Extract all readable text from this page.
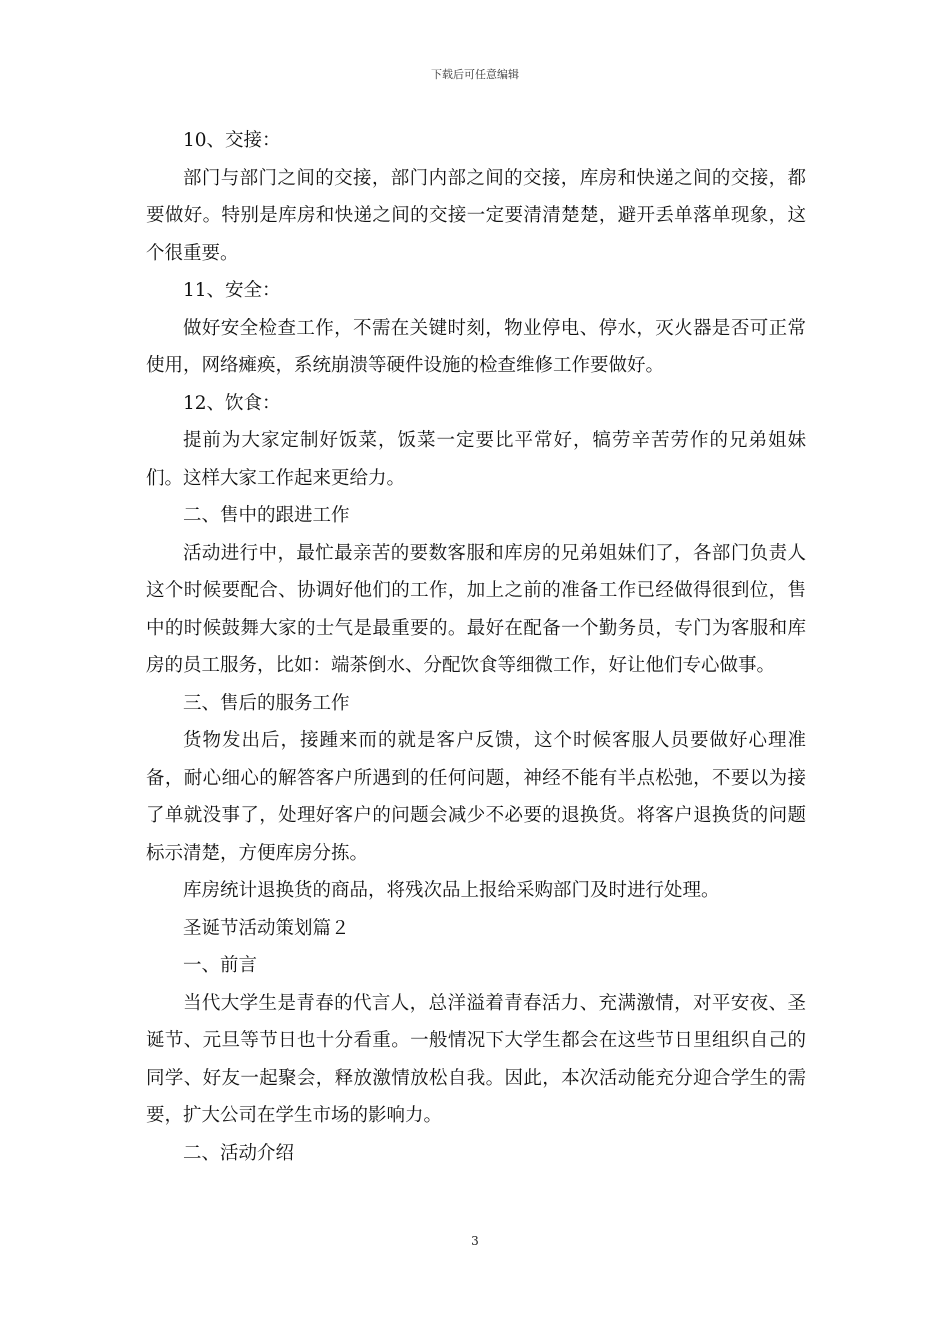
下载后可任意编辑

10、交接：

部门与部门之间的交接，部门内部之间的交接，库房和快递之间的交接，都要做好。特别是库房和快递之间的交接一定要清清楚楚，避开丢单落单现象，这个很重要。

11、安全：

做好安全检查工作，不需在关键时刻，物业停电、停水，灭火器是否可正常使用，网络瘫痪，系统崩溃等硬件设施的检查维修工作要做好。

12、饮食：

提前为大家定制好饭菜，饭菜一定要比平常好，犒劳辛苦劳作的兄弟姐妹们。这样大家工作起来更给力。

二、售中的跟进工作

活动进行中，最忙最亲苦的要数客服和库房的兄弟姐妹们了，各部门负责人这个时候要配合、协调好他们的工作，加上之前的准备工作已经做得很到位，售中的时候鼓舞大家的士气是最重要的。最好在配备一个勤务员，专门为客服和库房的员工服务，比如：端茶倒水、分配饮食等细微工作，好让他们专心做事。

三、售后的服务工作

货物发出后，接踵来而的就是客户反馈，这个时候客服人员要做好心理准备，耐心细心的解答客户所遇到的任何问题，神经不能有半点松弛，不要以为接了单就没事了，处理好客户的问题会减少不必要的退换货。将客户退换货的问题标示清楚，方便库房分拣。

库房统计退换货的商品，将残次品上报给采购部门及时进行处理。

圣诞节活动策划篇２

一、前言

当代大学生是青春的代言人，总洋溢着青春活力、充满激情，对平安夜、圣诞节、元旦等节日也十分看重。一般情况下大学生都会在这些节日里组织自己的同学、好友一起聚会，释放激情放松自我。因此，本次活动能充分迎合学生的需要，扩大公司在学生市场的影响力。

二、活动介绍

3
